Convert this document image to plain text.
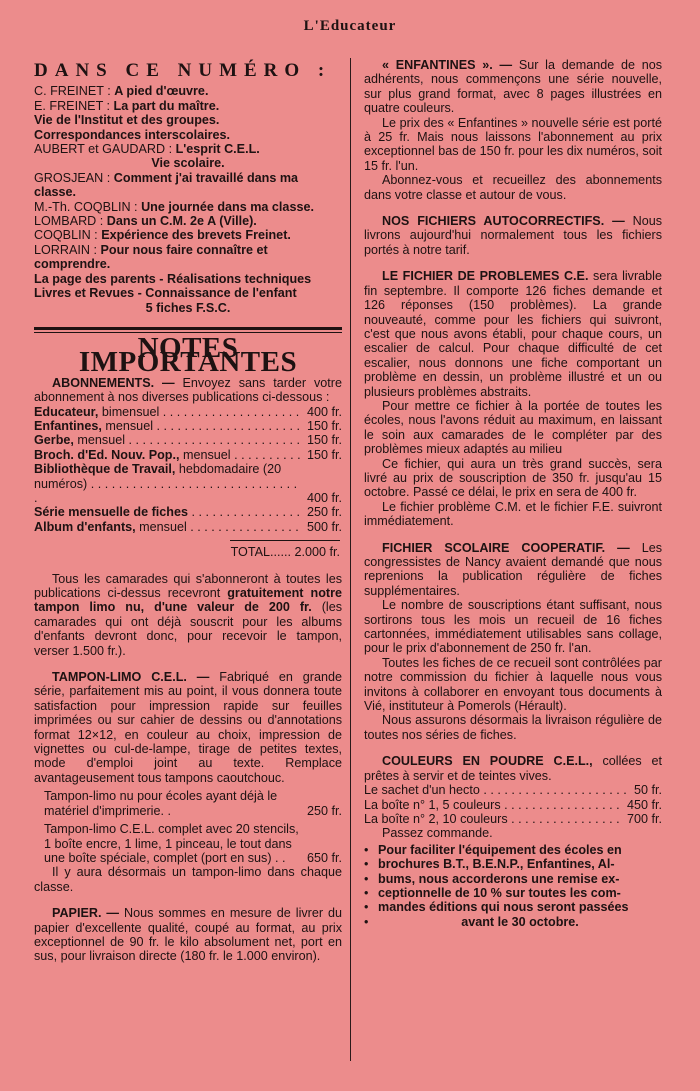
L'Educateur
DANS CE NUMÉRO :
C. FREINET : A pied d'œuvre.
E. FREINET : La part du maître.
Vie de l'Institut et des groupes.
Correspondances interscolaires.
AUBERT et GAUDARD : L'esprit C.E.L.
Vie scolaire.
GROSJEAN : Comment j'ai travaillé dans ma classe.
M.-Th. COQBLIN : Une journée dans ma classe.
LOMBARD : Dans un C.M. 2e A (Ville).
COQBLIN : Expérience des brevets Freinet.
LORRAIN : Pour nous faire connaître et comprendre.
La page des parents - Réalisations techniques
Livres et Revues - Connaissance de l'enfant
5 fiches F.S.C.
NOTES IMPORTANTES

ABONNEMENTS. — Envoyez sans tarder votre abonnement à nos diverses publications ci-dessous :

Educateur, bimensuel . . .	400 fr.
Enfantines, mensuel . . .	150 fr.
Gerbe, mensuel . . .	150 fr.
Broch. d'Ed. Nouv. Pop., mensuel . . .	150 fr.
Bibliothèque de Travail, hebdomadaire (20 numéros) . . .
400 fr.
Série mensuelle de fiches . . .	250 fr.
Album d'enfants, mensuel . . .	500 fr.
TOTAL...... 2.000 fr.

Tous les camarades qui s'abonneront à toutes les publications ci-dessus recevront gratuitement notre tampon limo nu, d'une valeur de 200 fr. (les camarades qui ont déjà souscrit pour les albums d'enfants devront donc, pour recevoir le tampon, verser 1.500 fr.).

TAMPON-LIMO C.E.L. — Fabriqué en grande série, parfaitement mis au point, il vous donnera toute satisfaction pour impression rapide sur feuilles imprimées ou sur cahier de dessins ou d'annotations format 12×12, en couleur au choix, impression de vignettes ou cul-de-lampe, tirage de petites textes, mode d'emploi joint au texte. Remplace avantageusement tous tampons caoutchouc.

Tampon-limo nu pour écoles ayant déjà le matériel d'imprimerie. .	250 fr.
Tampon-limo C.E.L. complet avec 20 stencils, 1 boîte encre, 1 lime, 1 pinceau, le tout dans une boîte spéciale, complet (port en sus) . .	650 fr.

Il y aura désormais un tampon-limo dans chaque classe.

PAPIER. — Nous sommes en mesure de livrer du papier d'excellente qualité, coupé au format, au prix exceptionnel de 90 fr. le kilo absolument net, port en sus, pour livraison directe (180 fr. le 1.000 environ).

« ENFANTINES ». — Sur la demande de nos adhérents, nous commençons une série nouvelle, sur plus grand format, avec 8 pages illustrées en quatre couleurs.

Le prix des « Enfantines » nouvelle série est porté à 25 fr. Mais nous laissons l'abonnement au prix exceptionnel bas de 150 fr. pour les dix numéros, soit 15 fr. l'un.

Abonnez-vous et recueillez des abonnements dans votre classe et autour de vous.

NOS FICHIERS AUTOCORRECTIFS. — Nous livrons aujourd'hui normalement tous les fichiers portés à notre tarif.

LE FICHIER DE PROBLEMES C.E. sera livrable fin septembre. Il comporte 126 fiches demande et 126 réponses (150 problèmes). La grande nouveauté, comme pour les fichiers qui suivront, c'est que nous avons établi, pour chaque cours, un escalier de calcul. Pour chaque difficulté de cet escalier, nous donnons une fiche comportant un problème en dessin, un problème illustré et un ou plusieurs problèmes abstraits.

Pour mettre ce fichier à la portée de toutes les écoles, nous l'avons réduit au maximum, en laissant le soin aux camarades de le compléter par des problèmes mieux adaptés au milieu

Ce fichier, qui aura un très grand succès, sera livré au prix de souscription de 350 fr. jusqu'au 15 octobre. Passé ce délai, le prix en sera de 400 fr.

Le fichier problème C.M. et le fichier F.E. suivront immédiatement.

FICHIER SCOLAIRE COOPERATIF. — Les congressistes de Nancy avaient demandé que nous reprenions la publication régulière de fiches supplémentaires.

Le nombre de souscriptions étant suffisant, nous sortirons tous les mois un recueil de 16 fiches cartonnées, immédiatement utilisables sans collage, pour le prix d'abonnement de 250 fr. l'an.

Toutes les fiches de ce recueil sont contrôlées par notre commission du fichier à laquelle nous vous invitons à collaborer en envoyant tous documents à Vié, instituteur à Pomerols (Hérault).

Nous assurons désormais la livraison régulière de toutes nos séries de fiches.

COULEURS EN POUDRE C.E.L., collées et prêtes à servir et de teintes vives.

Le sachet d'un hecto . . .	50 fr.
La boîte n° 1, 5 couleurs . . .	450 fr.
La boîte n° 2, 10 couleurs . . .	700 fr.

Passez commande.

• Pour faciliter l'équipement des écoles en
• brochures B.T., B.E.N.P., Enfantines, Al-
• bums, nous accorderons une remise ex-
• ceptionnelle de 10 % sur toutes les com-
• mandes éditions qui nous seront passées
•	avant le 30 octobre.
